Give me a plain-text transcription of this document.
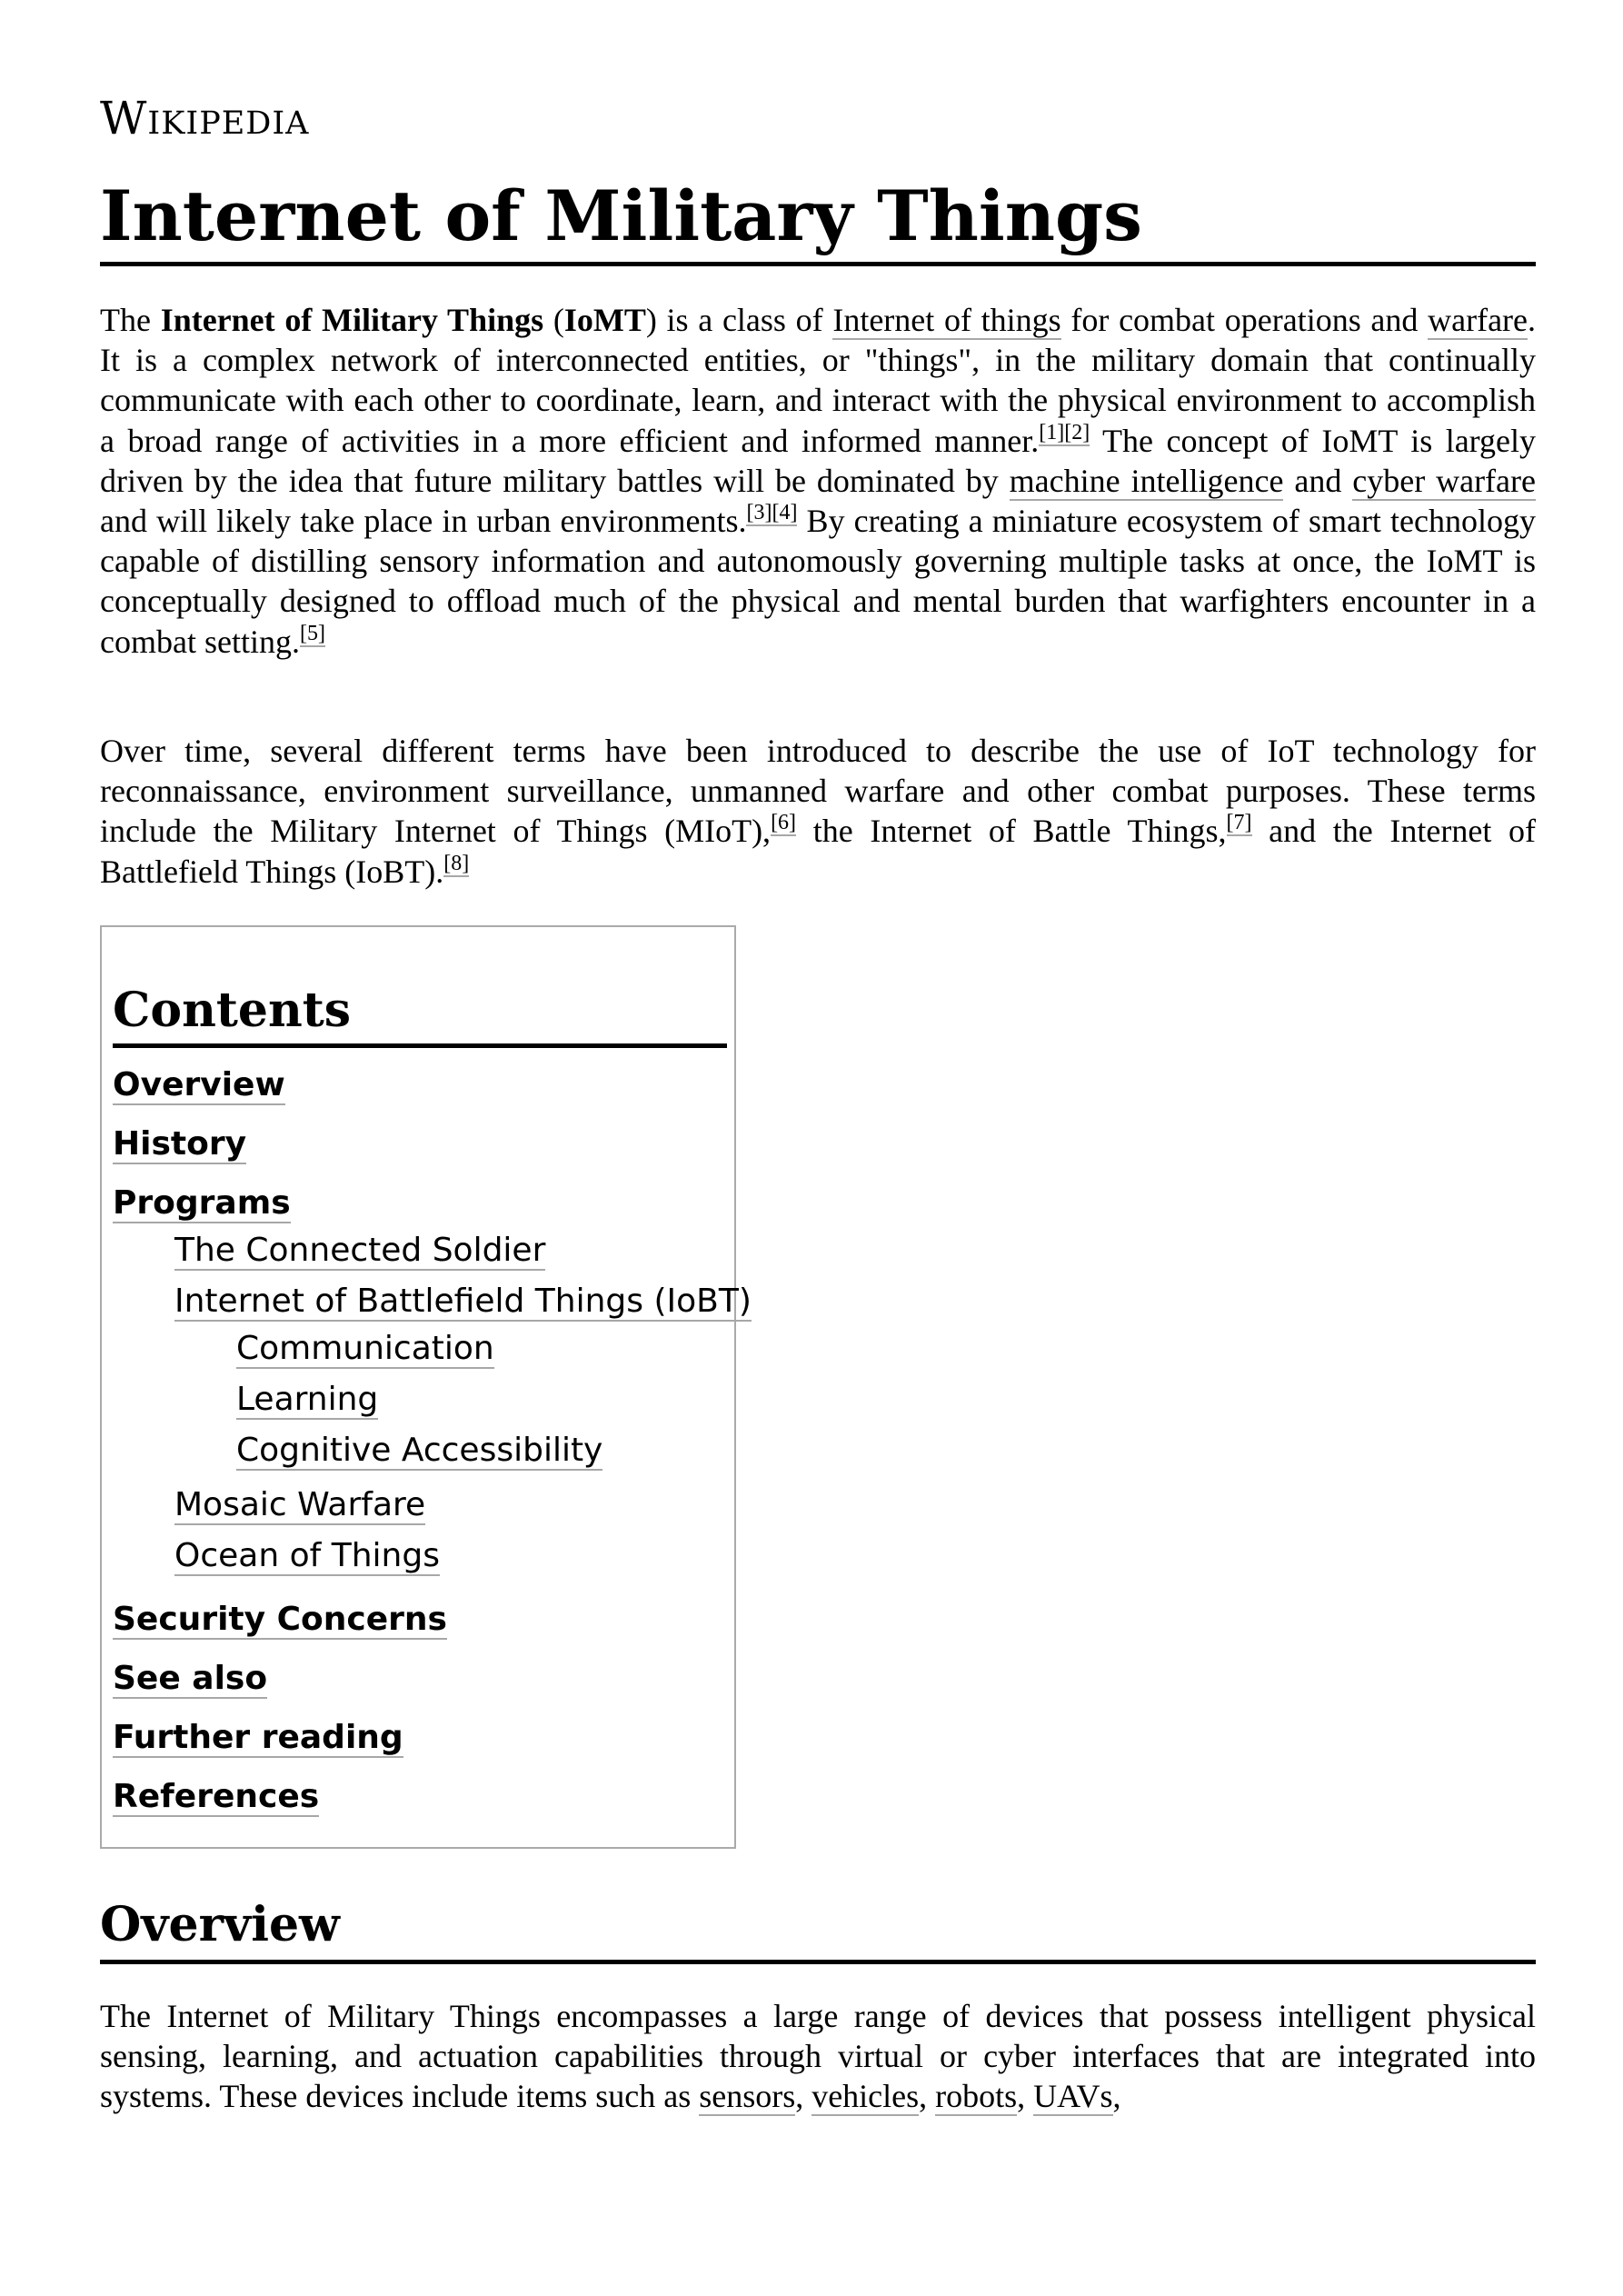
Wikipedia
Internet of Military Things

The Internet of Military Things (IoMT) is a class of Internet of things for combat operations and warfare. It is a complex network of interconnected entities, or "things", in the military domain that continually communicate with each other to coordinate, learn, and interact with the physical environment to accomplish a broad range of activities in a more efficient and informed manner.[1][2] The concept of IoMT is largely driven by the idea that future military battles will be dominated by machine intelligence and cyber warfare and will likely take place in urban environments.[3][4] By creating a miniature ecosystem of smart technology capable of distilling sensory information and autonomously governing multiple tasks at once, the IoMT is conceptually designed to offload much of the physical and mental burden that warfighters encounter in a combat setting.[5]

Over time, several different terms have been introduced to describe the use of IoT technology for reconnaissance, environment surveillance, unmanned warfare and other combat purposes. These terms include the Military Internet of Things (MIoT),[6] the Internet of Battle Things,[7] and the Internet of Battlefield Things (IoBT).[8]

Contents
Overview
History
Programs
The Connected Soldier
Internet of Battlefield Things (IoBT)
Communication
Learning
Cognitive Accessibility
Mosaic Warfare
Ocean of Things
Security Concerns
See also
Further reading
References
Overview

The Internet of Military Things encompasses a large range of devices that possess intelligent physical sensing, learning, and actuation capabilities through virtual or cyber interfaces that are integrated into systems. These devices include items such as sensors, vehicles, robots, UAVs,
